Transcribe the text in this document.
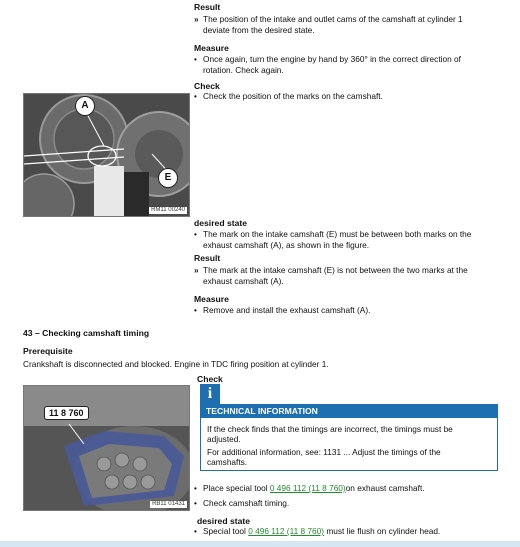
Result
» The position of the intake and outlet cams of the camshaft at cylinder 1
deviate from the desired state.
Measure
• Once again, turn the engine by hand by 360° in the correct direction of
rotation. Check again.
Check
• Check the position of the marks on the camshaft.
A
E
RM11 00240
desired state
• The mark on the intake camshaft (E) must be between both marks on the
exhaust camshaft (A), as shown in the figure.
Result
» The mark at the intake camshaft (E) is not between the two marks at the
exhaust camshaft (A).
Measure
• Remove and install the exhaust camshaft (A).
43 – Checking camshaft timing
Prerequisite
Crankshaft is disconnected and blocked. Engine in TDC firing position at cylinder 1.
Check
11 8 760
RB11 01431
i
TECHNICAL INFORMATION
If the check finds that the timings are incorrect, the timings must be
adjusted.
For additional information, see: 1131 ... Adjust the timings of the
camshafts.
• Place special tool 0 496 112 (11 8 760)on exhaust camshaft.
• Check camshaft timing.
desired state
• Special tool 0 496 112 (11 8 760) must lie flush on cylinder head.
